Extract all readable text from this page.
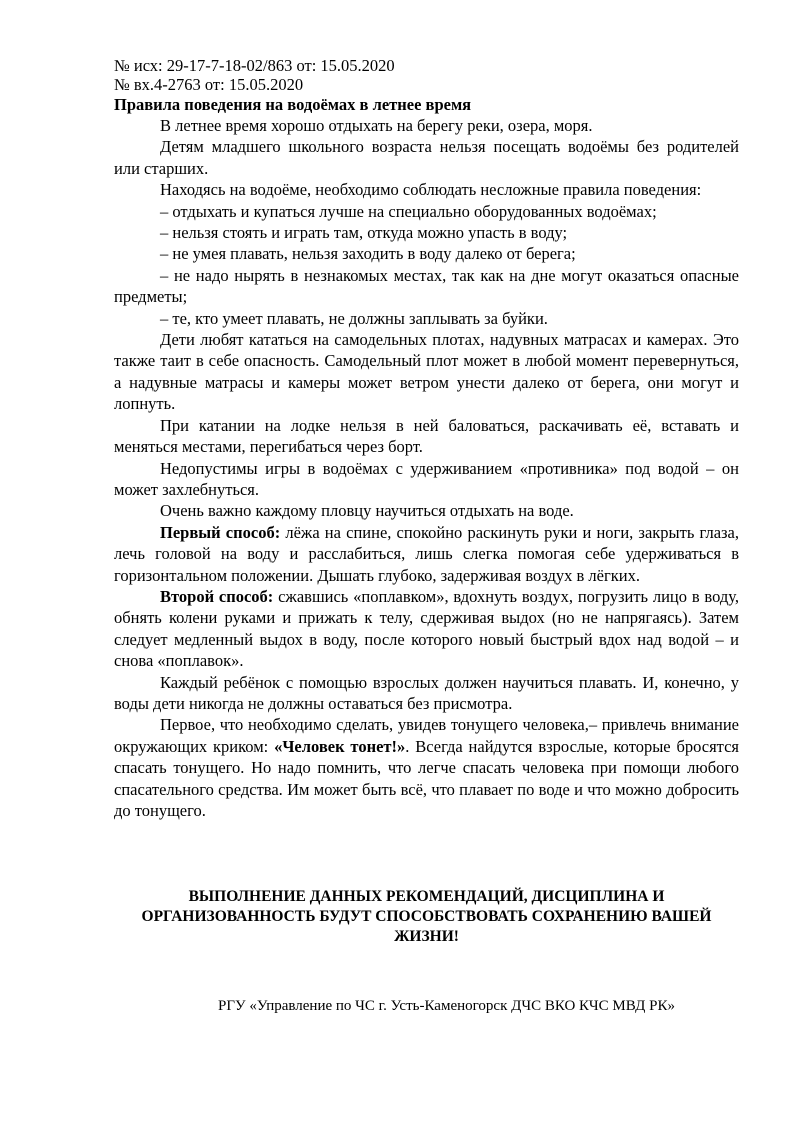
№ исх: 29-17-7-18-02/863 от: 15.05.2020

№ вх.4-2763 от: 15.05.2020

Правила поведения на водоёмах в летнее время

В летнее время хорошо отдыхать на берегу реки, озера, моря.

Детям младшего школьного возраста нельзя посещать водоёмы без родителей или старших.

Находясь на водоёме, необходимо соблюдать несложные правила поведения:

– отдыхать и купаться лучше на специально оборудованных водоёмах;

– нельзя стоять и играть там, откуда можно упасть в воду;

– не умея плавать, нельзя заходить в воду далеко от берега;

– не надо нырять в незнакомых местах, так как на дне могут оказаться опасные предметы;

– те, кто умеет плавать, не должны заплывать за буйки.

Дети любят кататься на самодельных плотах, надувных матрасах и камерах. Это также таит в себе опасность. Самодельный плот может в любой момент перевернуться, а надувные матрасы и камеры может ветром унести далеко от берега, они могут и лопнуть.

При катании на лодке нельзя в ней баловаться, раскачивать её, вставать и меняться местами, перегибаться через борт.

Недопустимы игры в водоёмах с удерживанием «противника» под водой – он может захлебнуться.

Очень важно каждому пловцу научиться отдыхать на воде.

Первый способ: лёжа на спине, спокойно раскинуть руки и ноги, закрыть глаза, лечь головой на воду и расслабиться, лишь слегка помогая себе удерживаться в горизонтальном положении. Дышать глубоко, задерживая воздух в лёгких.

Второй способ: сжавшись «поплавком», вдохнуть воздух, погрузить лицо в воду, обнять колени руками и прижать к телу, сдерживая выдох (но не напрягаясь). Затем следует медленный выдох в воду, после которого новый быстрый вдох над водой – и снова «поплавок».

Каждый ребёнок с помощью взрослых должен научиться плавать. И, конечно, у воды дети никогда не должны оставаться без присмотра.

Первое, что необходимо сделать, увидев тонущего человека,– привлечь внимание окружающих криком: «Человек тонет!». Всегда найдутся взрослые, которые бросятся спасать тонущего. Но надо помнить, что легче спасать человека при помощи любого спасательного средства. Им может быть всё, что плавает по воде и что можно добросить до тонущего.

ВЫПОЛНЕНИЕ ДАННЫХ РЕКОМЕНДАЦИЙ, ДИСЦИПЛИНА И ОРГАНИЗОВАННОСТЬ БУДУТ СПОСОБСТВОВАТЬ СОХРАНЕНИЮ ВАШЕЙ ЖИЗНИ!

РГУ «Управление по ЧС г. Усть-Каменогорск ДЧС ВКО КЧС МВД РК»
